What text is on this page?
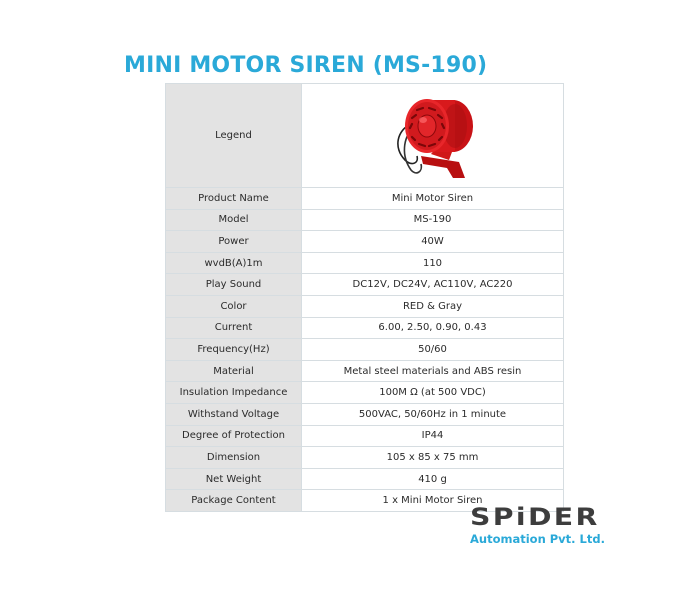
MINI MOTOR SIREN (MS-190)
Legend	

Product Name	Mini Motor Siren
Model	MS-190
Power	40W
wvdB(A)1m	110
Play Sound	DC12V, DC24V, AC110V, AC220
Color	RED & Gray
Current	6.00, 2.50, 0.90, 0.43
Frequency(Hz)	50/60
Material	Metal steel materials and ABS resin
Insulation Impedance	100M Ω (at 500 VDC)
Withstand Voltage	500VAC, 50/60Hz in 1 minute
Degree of Protection	IP44
Dimension	105 x 85 x 75 mm
Net Weight	410 g
Package Content	1 x Mini Motor Siren
SPiDER
Automation Pvt. Ltd.
